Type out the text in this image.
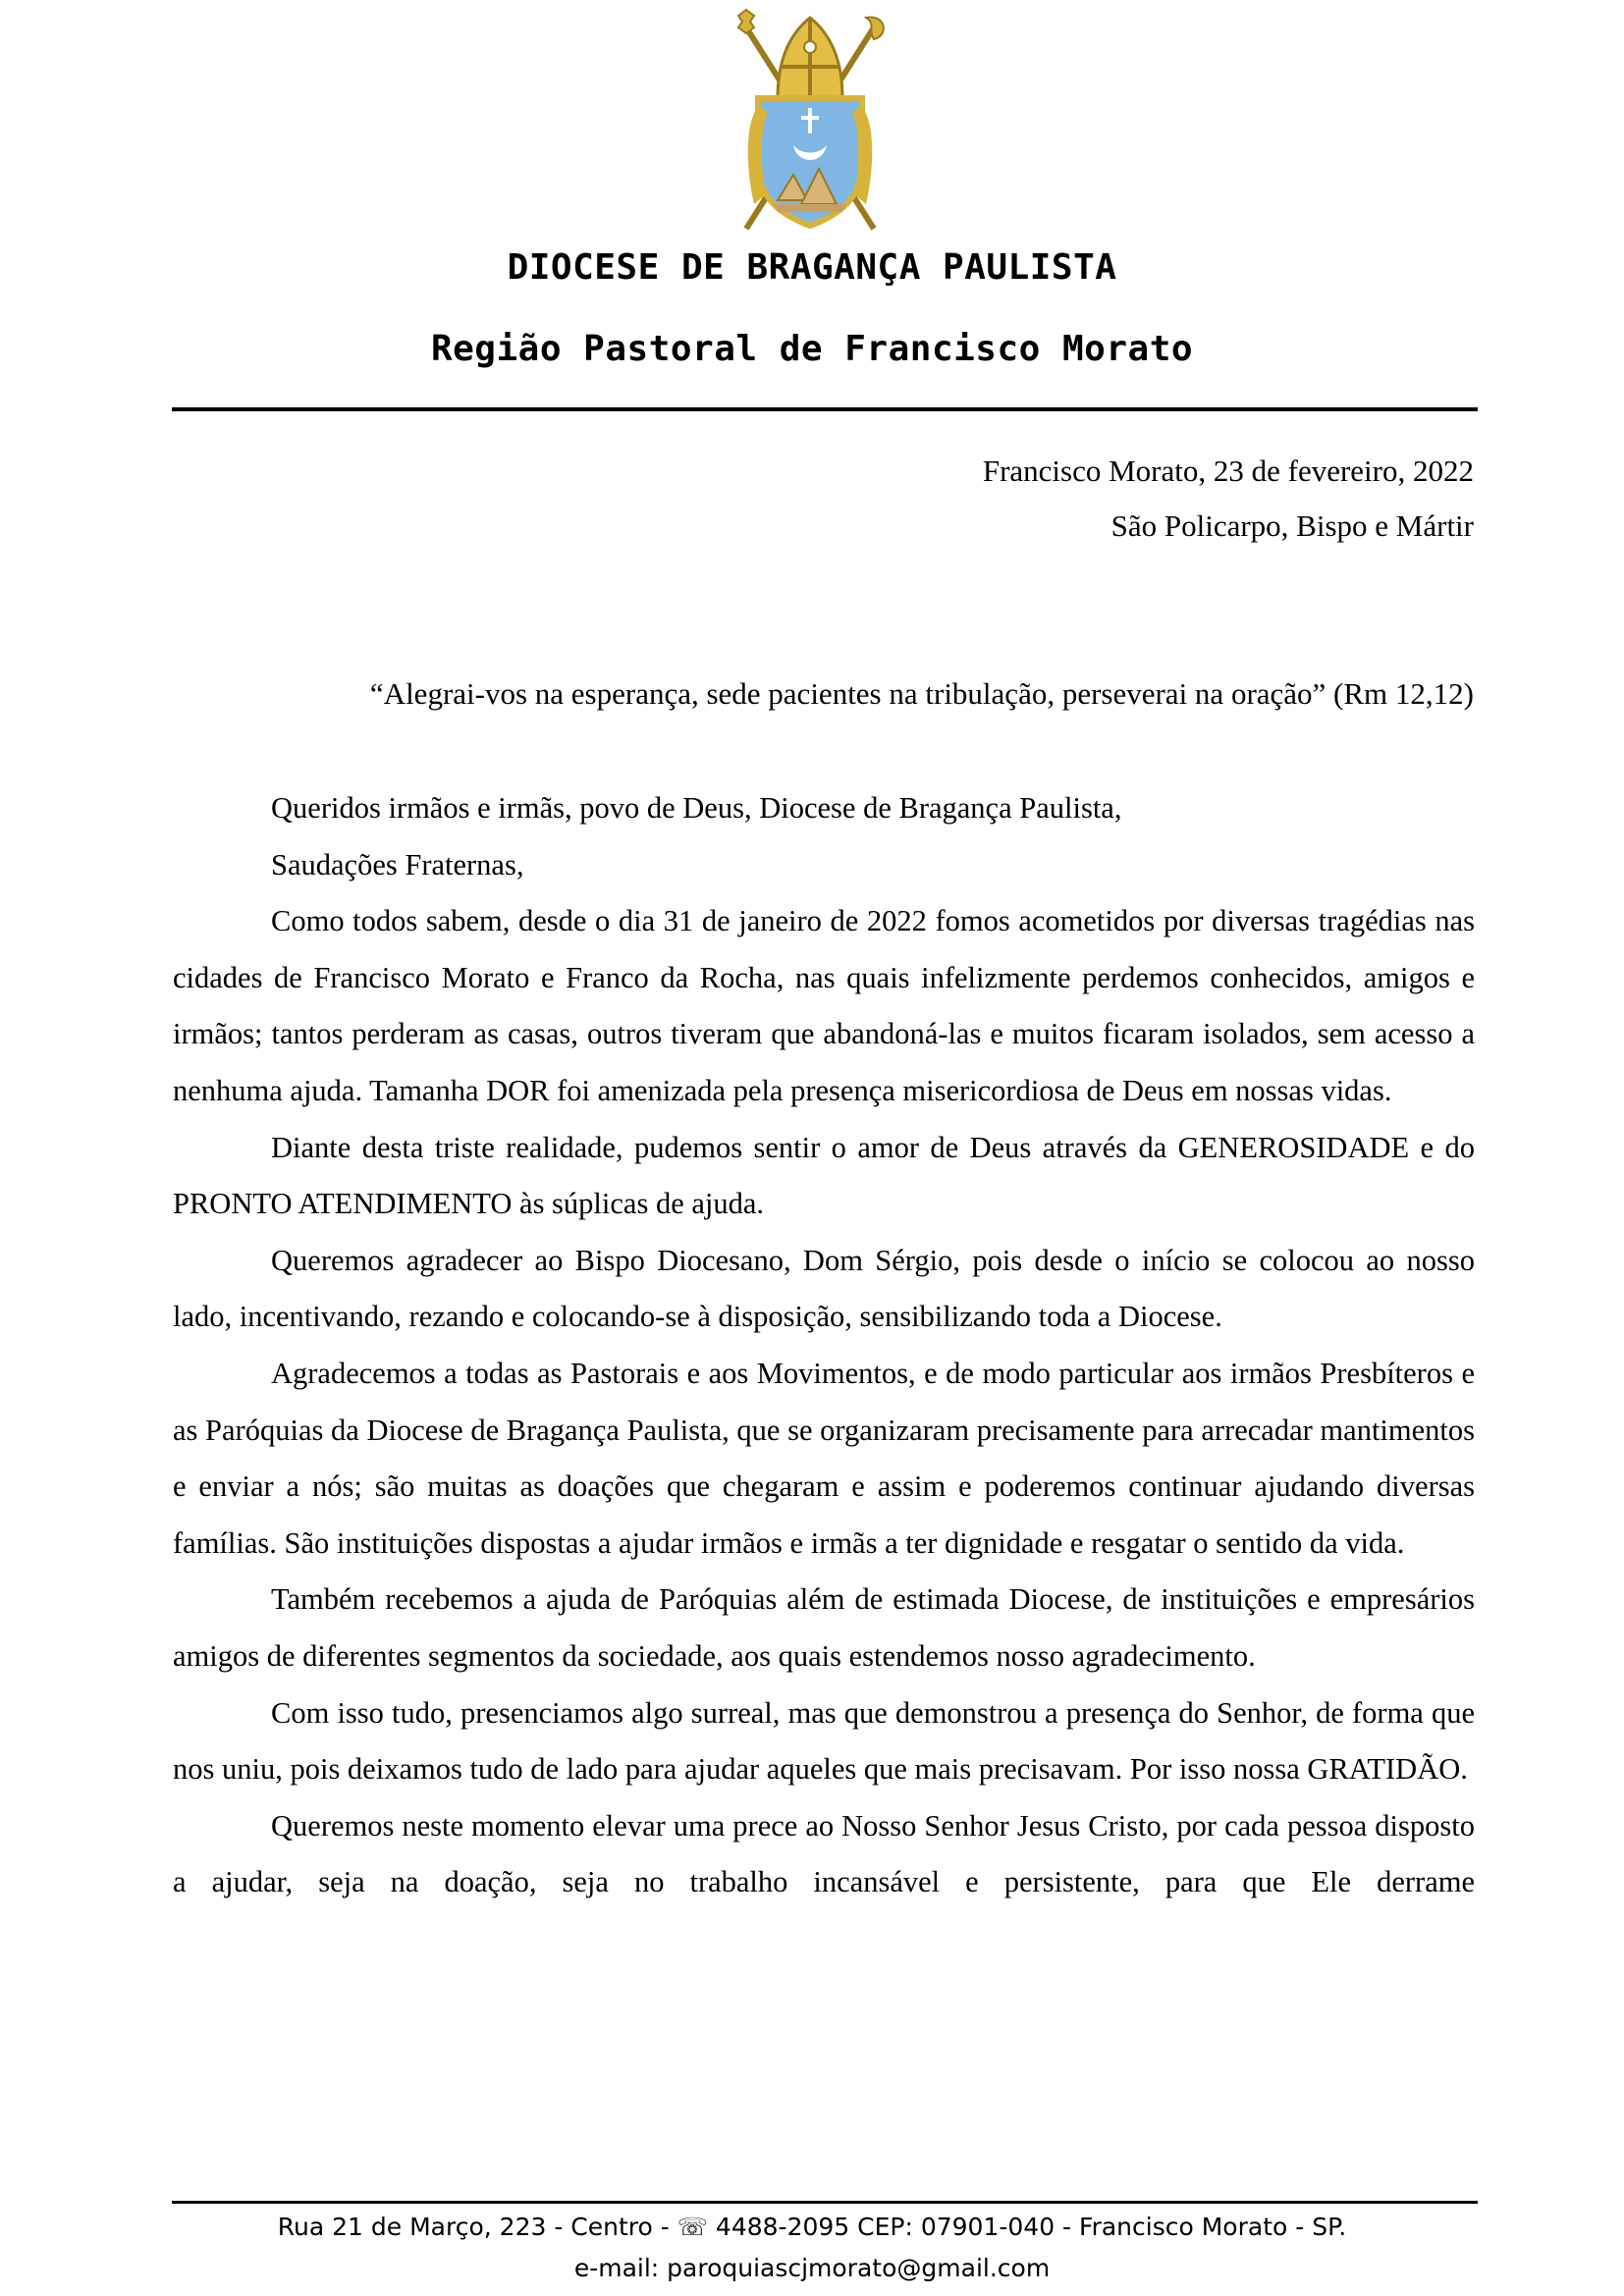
DIOCESE DE BRAGANÇA PAULISTA
Região Pastoral de Francisco Morato

Francisco Morato, 23 de fevereiro, 2022

São Policarpo, Bispo e Mártir

“Alegrai-vos na esperança, sede pacientes na tribulação, perseverai na oração” (Rm 12,12)

Queridos irmãos e irmãs, povo de Deus, Diocese de Bragança Paulista,

Saudações Fraternas,

Como todos sabem, desde o dia 31 de janeiro de 2022 fomos acometidos por diversas tragédias nas cidades de Francisco Morato e Franco da Rocha, nas quais infelizmente perdemos conhecidos, amigos e irmãos; tantos perderam as casas, outros tiveram que abandoná-las e muitos ficaram isolados, sem acesso a nenhuma ajuda. Tamanha DOR foi amenizada pela presença misericordiosa de Deus em nossas vidas.

Diante desta triste realidade, pudemos sentir o amor de Deus através da GENEROSIDADE e do PRONTO ATENDIMENTO às súplicas de ajuda.

Queremos agradecer ao Bispo Diocesano, Dom Sérgio, pois desde o início se colocou ao nosso lado, incentivando, rezando e colocando-se à disposição, sensibilizando toda a Diocese.

Agradecemos a todas as Pastorais e aos Movimentos, e de modo particular aos irmãos Presbíteros e as Paróquias da Diocese de Bragança Paulista, que se organizaram precisamente para arrecadar mantimentos e enviar a nós; são muitas as doações que chegaram e assim e poderemos continuar ajudando diversas famílias. São instituições dispostas a ajudar irmãos e irmãs a ter dignidade e resgatar o sentido da vida.

Também recebemos a ajuda de Paróquias além de estimada Diocese, de instituições e empresários amigos de diferentes segmentos da sociedade, aos quais estendemos nosso agradecimento.

Com isso tudo, presenciamos algo surreal, mas que demonstrou a presença do Senhor, de forma que nos uniu, pois deixamos tudo de lado para ajudar aqueles que mais precisavam. Por isso nossa GRATIDÃO.

Queremos neste momento elevar uma prece ao Nosso Senhor Jesus Cristo, por cada pessoa disposto a ajudar, seja na doação, seja no trabalho incansável e persistente, para que Ele derrame

Rua 21 de Março, 223 - Centro - ☏ 4488-2095 CEP: 07901-040 - Francisco Morato - SP.

e-mail: paroquiascjmorato@gmail.com
